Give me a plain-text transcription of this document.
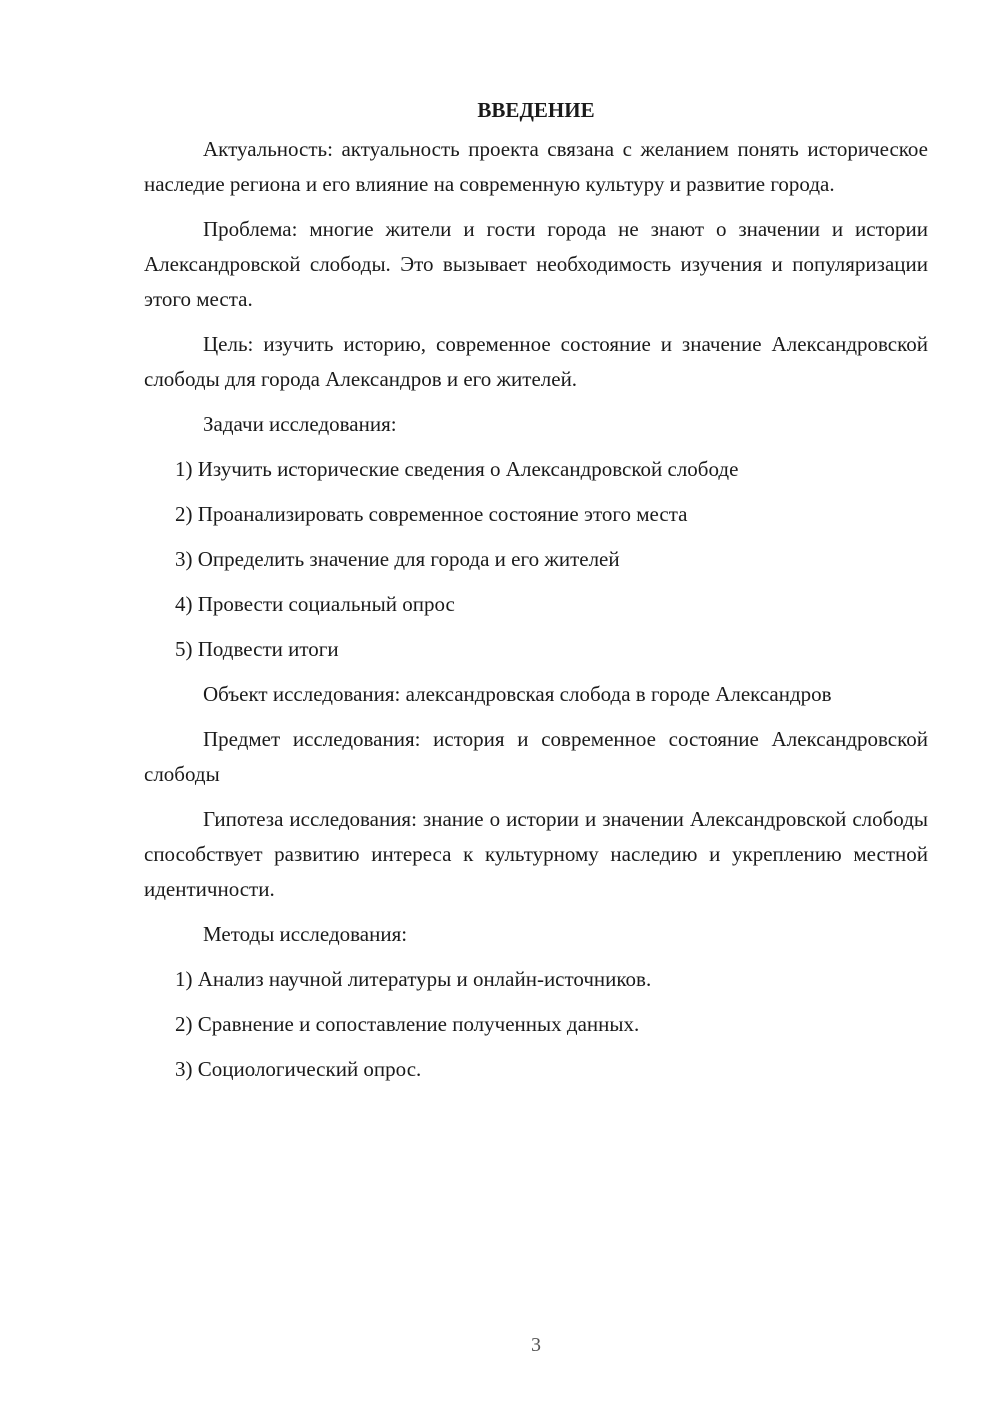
ВВЕДЕНИЕ

Актуальность: актуальность проекта связана с желанием понять историческое наследие региона и его влияние на современную культуру и развитие города.

Проблема: многие жители и гости города не знают о значении и истории Александровской слободы. Это вызывает необходимость изучения и популяризации этого места.

Цель: изучить историю, современное состояние и значение Александровской слободы для города Александров и его жителей.

Задачи исследования:

1) Изучить исторические сведения о Александровской слободе
2) Проанализировать современное состояние этого места
3) Определить значение для города и его жителей
4) Провести социальный опрос
5) Подвести итоги

Объект исследования: александровская слобода в городе Александров

Предмет исследования: история и современное состояние Александровской слободы

Гипотеза исследования: знание о истории и значении Александровской слободы способствует развитию интереса к культурному наследию и укреплению местной идентичности.

Методы исследования:

1) Анализ научной литературы и онлайн-источников.
2) Сравнение и сопоставление полученных данных.
3) Социологический опрос.
3
